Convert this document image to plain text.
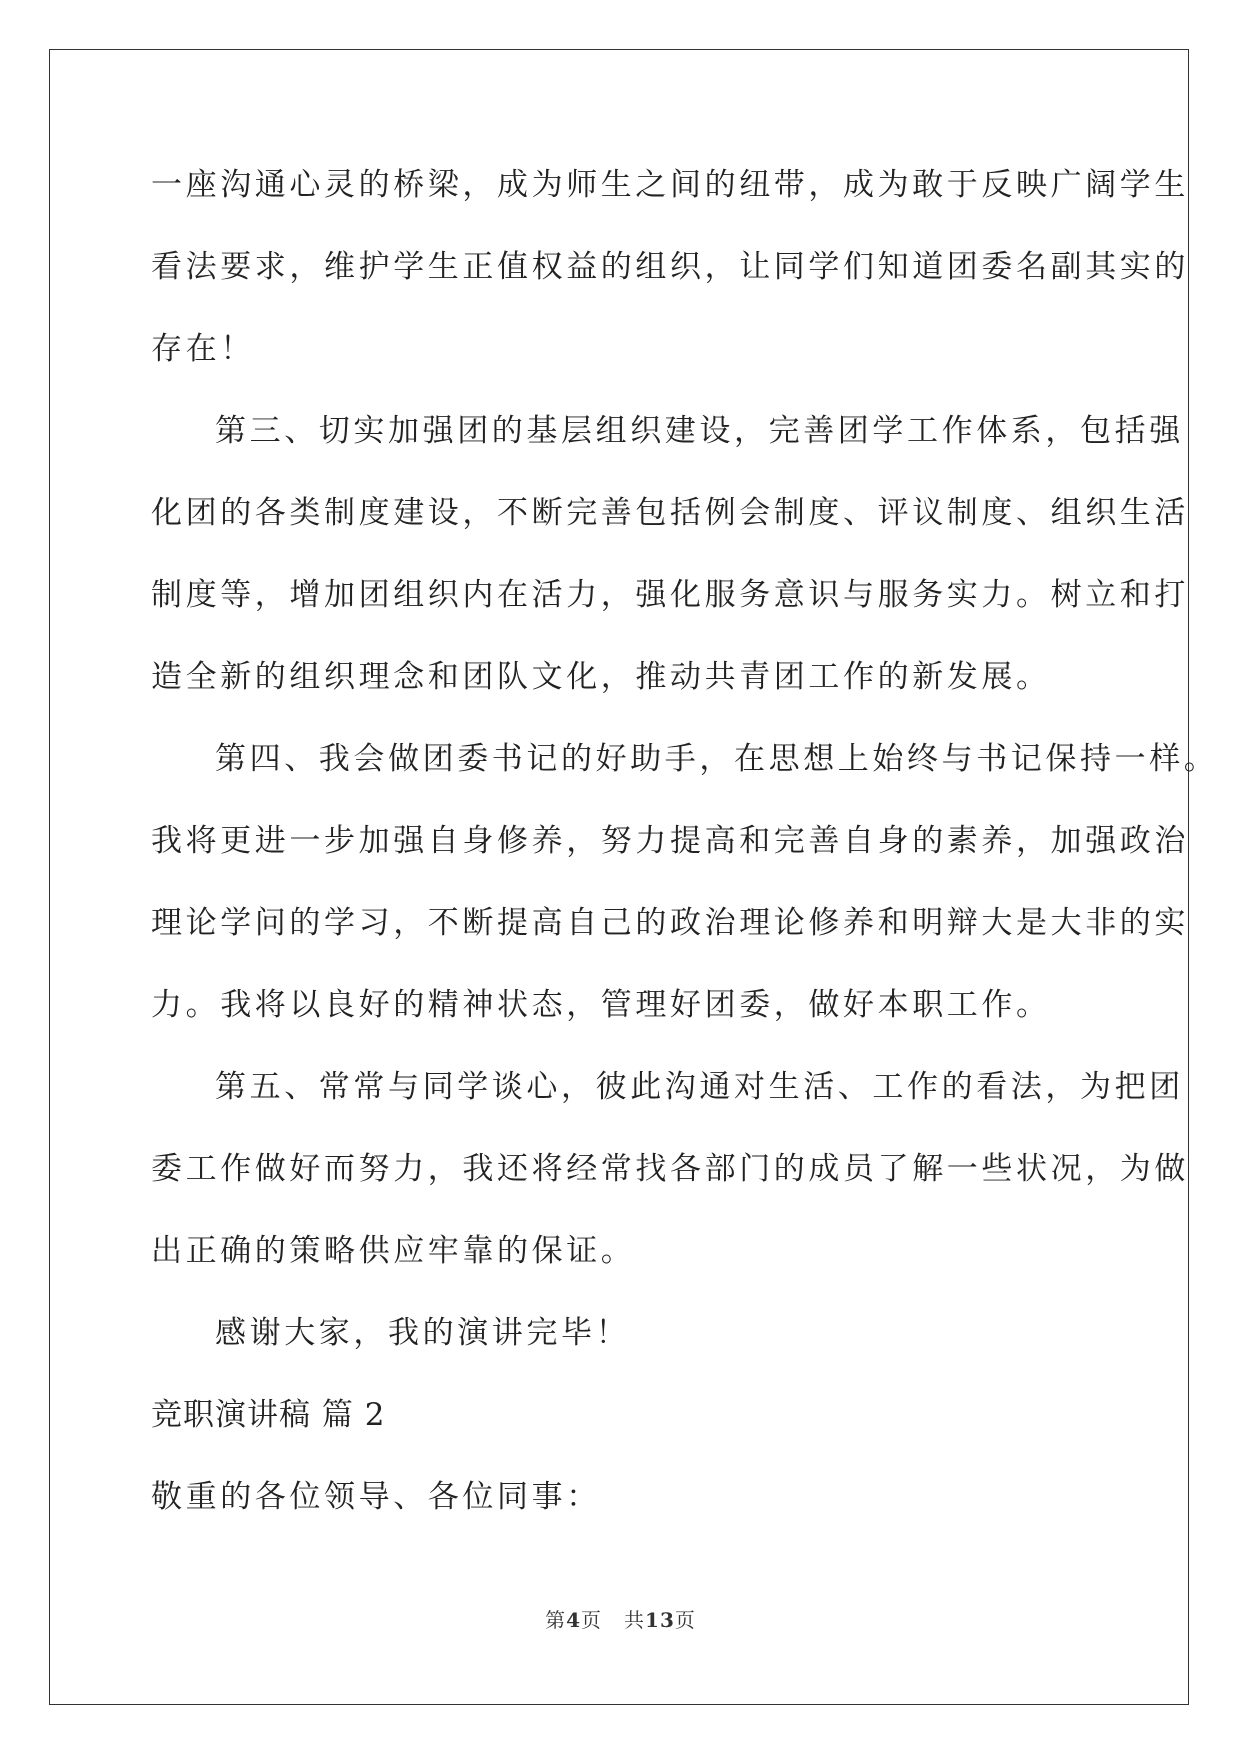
一座沟通心灵的桥梁，成为师生之间的纽带，成为敢于反映广阔学生
看法要求，维护学生正值权益的组织，让同学们知道团委名副其实的
存在！
第三、切实加强团的基层组织建设，完善团学工作体系，包括强
化团的各类制度建设，不断完善包括例会制度、评议制度、组织生活
制度等，增加团组织内在活力，强化服务意识与服务实力。树立和打
造全新的组织理念和团队文化，推动共青团工作的新发展。
第四、我会做团委书记的好助手，在思想上始终与书记保持一样。
我将更进一步加强自身修养，努力提高和完善自身的素养，加强政治
理论学问的学习，不断提高自己的政治理论修养和明辩大是大非的实
力。我将以良好的精神状态，管理好团委，做好本职工作。
第五、常常与同学谈心，彼此沟通对生活、工作的看法，为把团
委工作做好而努力，我还将经常找各部门的成员了解一些状况，为做
出正确的策略供应牢靠的保证。
感谢大家，我的演讲完毕！
竞职演讲稿 篇 2
敬重的各位领导、各位同事：
第4页 共13页
